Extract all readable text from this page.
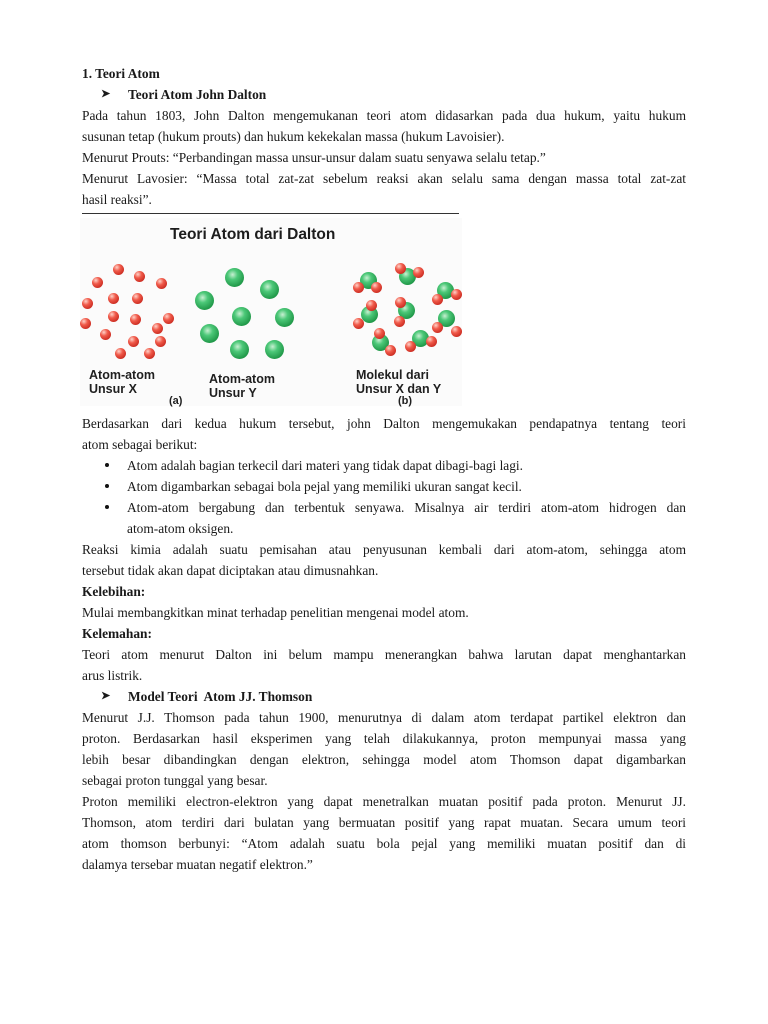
1. Teori Atom
➤	Teori Atom John Dalton
Pada tahun 1803, John Dalton mengemukanan teori atom didasarkan pada dua hukum, yaitu hukum
susunan tetap (hukum prouts) dan hukum kekekalan massa (hukum Lavoisier).
Menurut Prouts: “Perbandingan massa unsur-unsur dalam suatu senyawa selalu tetap.”
Menurut Lavosier: “Massa total zat-zat sebelum reaksi akan selalu sama dengan massa total zat-zat
hasil reaksi”.
Teori Atom dari Dalton
Atom-atom
Unsur X
(a)
Atom-atom
Unsur Y
Molekul dari
Unsur X dan Y
(b)
Berdasarkan dari kedua hukum tersebut, john Dalton mengemukakan pendapatnya tentang teori
atom sebagai berikut:
Atom adalah bagian terkecil dari materi yang tidak dapat dibagi-bagi lagi.
Atom digambarkan sebagai bola pejal yang memiliki ukuran sangat kecil.
Atom-atom bergabung dan terbentuk senyawa. Misalnya air terdiri atom-atom hidrogen dan
atom-atom oksigen.
Reaksi kimia adalah suatu pemisahan atau penyusunan kembali dari atom-atom, sehingga atom
tersebut tidak akan dapat diciptakan atau dimusnahkan.
Kelebihan:
Mulai membangkitkan minat terhadap penelitian mengenai model atom.
Kelemahan:
Teori atom menurut Dalton ini belum mampu menerangkan bahwa larutan dapat menghantarkan
arus listrik.
➤	Model Teori  Atom JJ. Thomson
Menurut J.J. Thomson pada tahun 1900, menurutnya di dalam atom terdapat partikel elektron dan
proton. Berdasarkan hasil eksperimen yang telah dilakukannya, proton mempunyai massa yang
lebih besar dibandingkan dengan elektron, sehingga model atom Thomson dapat digambarkan
sebagai proton tunggal yang besar.
Proton memiliki electron-elektron yang dapat menetralkan muatan positif pada proton. Menurut JJ.
Thomson, atom terdiri dari bulatan yang bermuatan positif yang rapat muatan. Secara umum teori
atom thomson berbunyi: “Atom adalah suatu bola pejal yang memiliki muatan positif dan di
dalamya tersebar muatan negatif elektron.”
